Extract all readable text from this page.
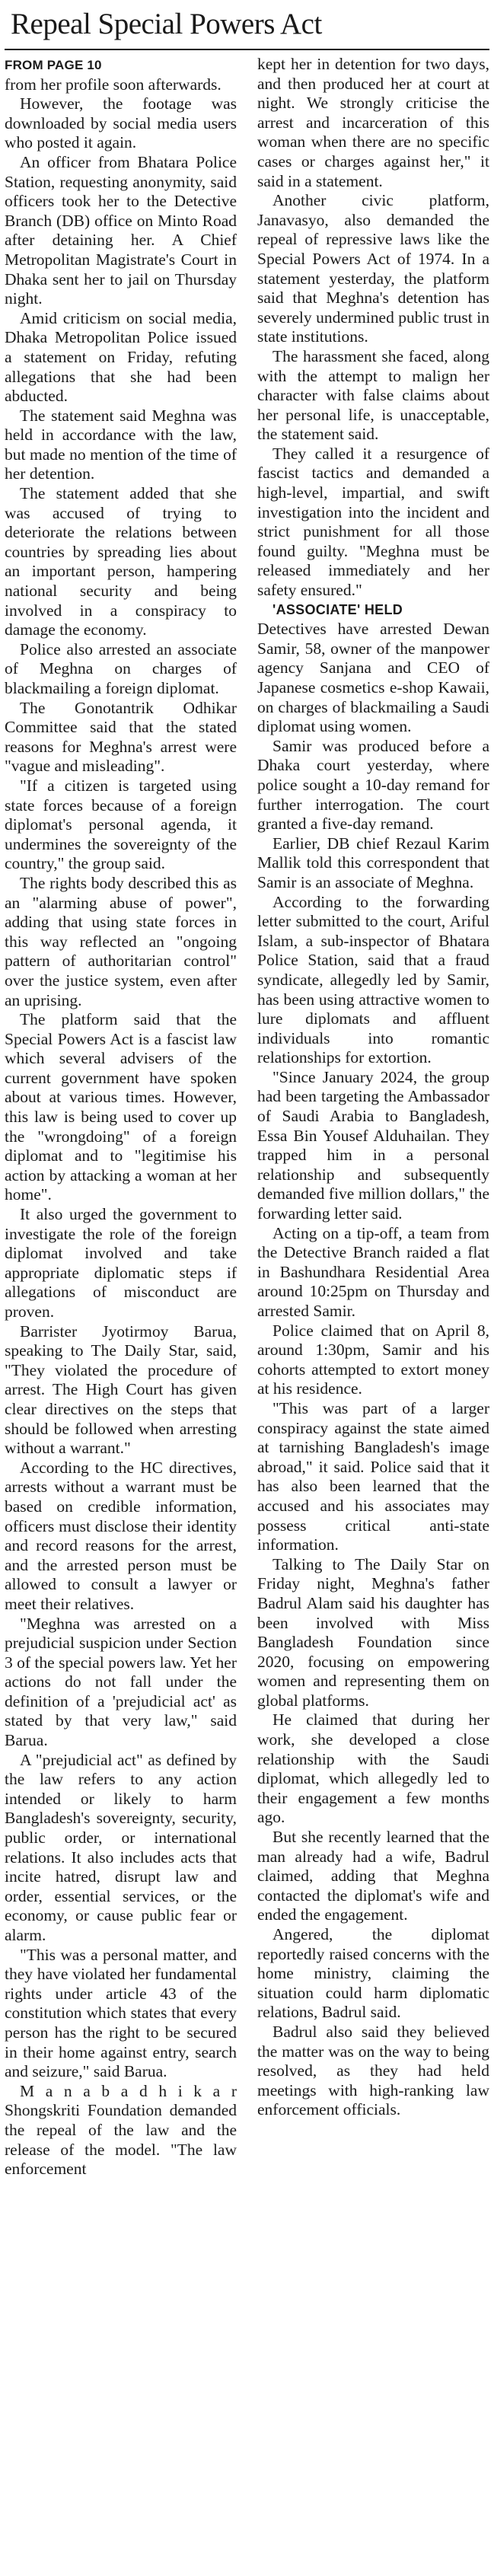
Repeal Special Powers Act

FROM PAGE 10
from her profile soon afterwards.

However, the footage was downloaded by social media users who posted it again.

An officer from Bhatara Police Station, requesting anonymity, said officers took her to the Detective Branch (DB) office on Minto Road after detaining her. A Chief Metropolitan Magistrate's Court in Dhaka sent her to jail on Thursday night.

Amid criticism on social media, Dhaka Metropolitan Police issued a statement on Friday, refuting allegations that she had been abducted.

The statement said Meghna was held in accordance with the law, but made no mention of the time of her detention.

The statement added that she was accused of trying to deteriorate the relations between countries by spreading lies about an important person, hampering national security and being involved in a conspiracy to damage the economy.

Police also arrested an associate of Meghna on charges of blackmailing a foreign diplomat.

The Gonotantrik Odhikar Committee said that the stated reasons for Meghna's arrest were "vague and misleading".

"If a citizen is targeted using state forces because of a foreign diplomat's personal agenda, it undermines the sovereignty of the country," the group said.

The rights body described this as an "alarming abuse of power", adding that using state forces in this way reflected an "ongoing pattern of authoritarian control" over the justice system, even after an uprising.

The platform said that the Special Powers Act is a fascist law which several advisers of the current government have spoken about at various times. However, this law is being used to cover up the "wrongdoing" of a foreign diplomat and to "legitimise his action by attacking a woman at her home".

It also urged the government to investigate the role of the foreign diplomat involved and take appropriate diplomatic steps if allegations of misconduct are proven.

Barrister Jyotirmoy Barua, speaking to The Daily Star, said, "They violated the procedure of arrest. The High Court has given clear directives on the steps that should be followed when arresting without a warrant."

According to the HC directives, arrests without a warrant must be based on credible information, officers must disclose their identity and record reasons for the arrest, and the arrested person must be allowed to consult a lawyer or meet their relatives.

"Meghna was arrested on a prejudicial suspicion under Section 3 of the special powers law. Yet her actions do not fall under the definition of a 'prejudicial act' as stated by that very law," said Barua.

A "prejudicial act" as defined by the law refers to any action intended or likely to harm Bangladesh's sovereignty, security, public order, or international relations. It also includes acts that incite hatred, disrupt law and order, essential services, or the economy, or cause public fear or alarm.

"This was a personal matter, and they have violated her fundamental rights under article 43 of the constitution which states that every person has the right to be secured in their home against entry, search and seizure," said Barua.

M a n a b a d h i k a r Shongskriti Foundation demanded the repeal of the law and the release of the model. "The law enforcement

kept her in detention for two days, and then produced her at court at night. We strongly criticise the arrest and incarceration of this woman when there are no specific cases or charges against her," it said in a statement.

Another civic platform, Janavasyo, also demanded the repeal of repressive laws like the Special Powers Act of 1974. In a statement yesterday, the platform said that Meghna's detention has severely undermined public trust in state institutions.

The harassment she faced, along with the attempt to malign her character with false claims about her personal life, is unacceptable, the statement said.

They called it a resurgence of fascist tactics and demanded a high-level, impartial, and swift investigation into the incident and strict punishment for all those found guilty. "Meghna must be released immediately and her safety ensured."

'ASSOCIATE' HELD

Detectives have arrested Dewan Samir, 58, owner of the manpower agency Sanjana and CEO of Japanese cosmetics e-shop Kawaii, on charges of blackmailing a Saudi diplomat using women.

Samir was produced before a Dhaka court yesterday, where police sought a 10-day remand for further interrogation. The court granted a five-day remand.

Earlier, DB chief Rezaul Karim Mallik told this correspondent that Samir is an associate of Meghna.

According to the forwarding letter submitted to the court, Ariful Islam, a sub-inspector of Bhatara Police Station, said that a fraud syndicate, allegedly led by Samir, has been using attractive women to lure diplomats and affluent individuals into romantic relationships for extortion.

"Since January 2024, the group had been targeting the Ambassador of Saudi Arabia to Bangladesh, Essa Bin Yousef Alduhailan. They trapped him in a personal relationship and subsequently demanded five million dollars," the forwarding letter said.

Acting on a tip-off, a team from the Detective Branch raided a flat in Bashundhara Residential Area around 10:25pm on Thursday and arrested Samir.

Police claimed that on April 8, around 1:30pm, Samir and his cohorts attempted to extort money at his residence.

"This was part of a larger conspiracy against the state aimed at tarnishing Bangladesh's image abroad," it said. Police said that it has also been learned that the accused and his associates may possess critical anti-state information.

Talking to The Daily Star on Friday night, Meghna's father Badrul Alam said his daughter has been involved with Miss Bangladesh Foundation since 2020, focusing on empowering women and representing them on global platforms.

He claimed that during her work, she developed a close relationship with the Saudi diplomat, which allegedly led to their engagement a few months ago.

But she recently learned that the man already had a wife, Badrul claimed, adding that Meghna contacted the diplomat's wife and ended the engagement.

Angered, the diplomat reportedly raised concerns with the home ministry, claiming the situation could harm diplomatic relations, Badrul said.

Badrul also said they believed the matter was on the way to being resolved, as they had held meetings with high-ranking law enforcement officials.
